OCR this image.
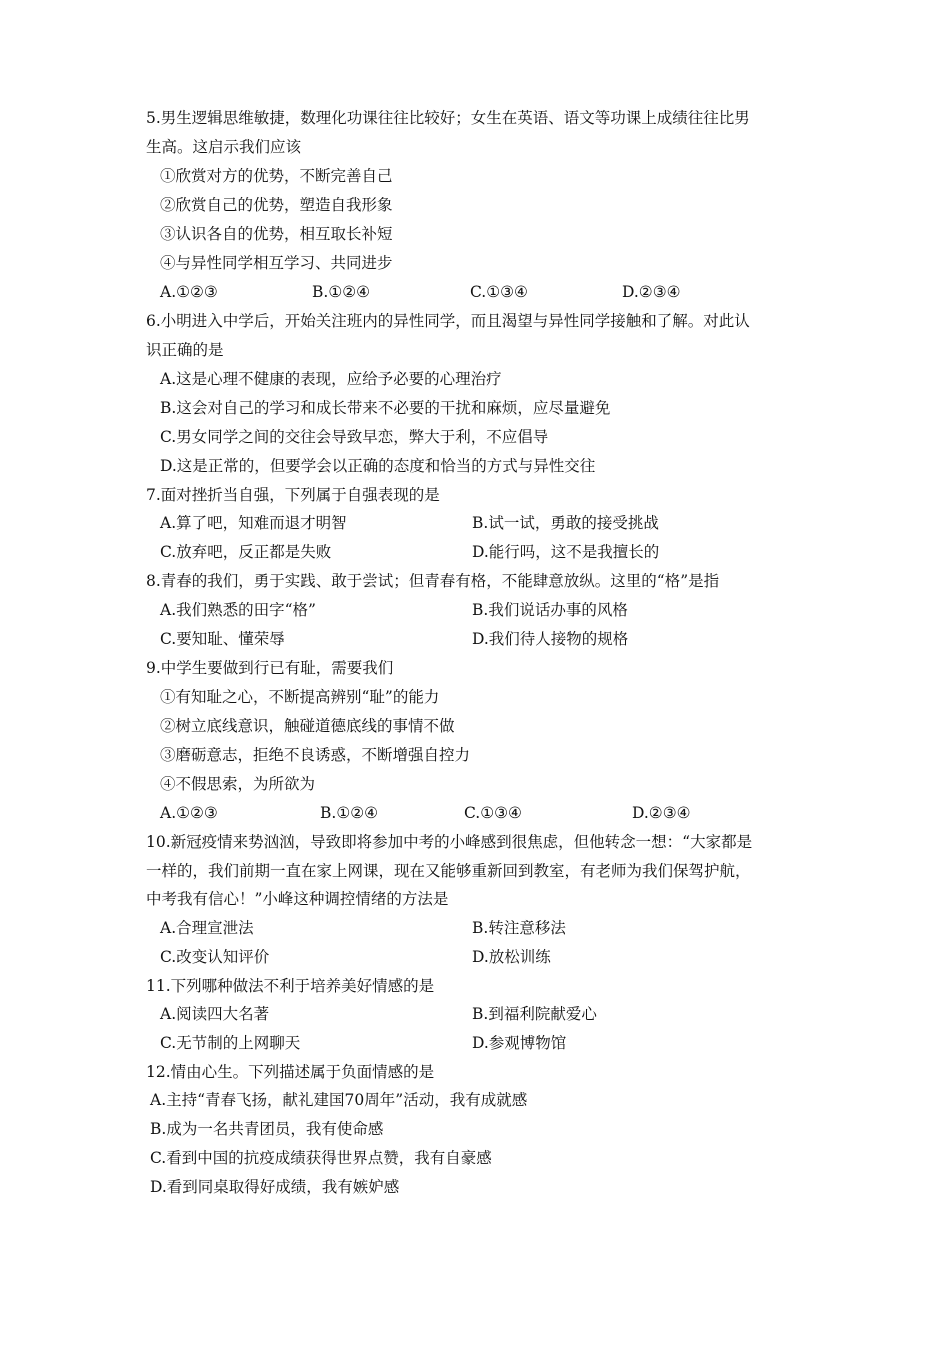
5.男生逻辑思维敏捷，数理化功课往往比较好；女生在英语、语文等功课上成绩往往比男
生高。这启示我们应该
①欣赏对方的优势，不断完善自己
②欣赏自己的优势，塑造自我形象
③认识各自的优势，相互取长补短
④与异性同学相互学习、共同进步
A.①②③	B.①②④	C.①③④	D.②③④
6.小明进入中学后，开始关注班内的异性同学，而且渴望与异性同学接触和了解。对此认
识正确的是
A.这是心理不健康的表现，应给予必要的心理治疗
B.这会对自己的学习和成长带来不必要的干扰和麻烦，应尽量避免
C.男女同学之间的交往会导致早恋，弊大于利，不应倡导
D.这是正常的，但要学会以正确的态度和恰当的方式与异性交往
7.面对挫折当自强，下列属于自强表现的是
A.算了吧，知难而退才明智	B.试一试，勇敢的接受挑战
C.放弃吧，反正都是失败	D.能行吗，这不是我擅长的
8.青春的我们，勇于实践、敢于尝试；但青春有格，不能肆意放纵。这里的“格”是指
A.我们熟悉的田字“格”	B.我们说话办事的风格
C.要知耻、懂荣辱	D.我们待人接物的规格
9.中学生要做到行已有耻，需要我们
①有知耻之心，不断提高辨别“耻”的能力
②树立底线意识，触碰道德底线的事情不做
③磨砺意志，拒绝不良诱惑，不断增强自控力
④不假思索，为所欲为
A.①②③	B.①②④	C.①③④	D.②③④
10.新冠疫情来势汹汹，导致即将参加中考的小峰感到很焦虑，但他转念一想：“大家都是
一样的，我们前期一直在家上网课，现在又能够重新回到教室，有老师为我们保驾护航，
中考我有信心！”小峰这种调控情绪的方法是
A.合理宣泄法	B.转注意移法
C.改变认知评价	D.放松训练
11.下列哪种做法不利于培养美好情感的是
A.阅读四大名著	B.到福利院献爱心
C.无节制的上网聊天	D.参观博物馆
12.情由心生。下列描述属于负面情感的是
A.主持“青春飞扬，献礼建国70周年”活动，我有成就感
B.成为一名共青团员，我有使命感
C.看到中国的抗疫成绩获得世界点赞，我有自豪感
D.看到同桌取得好成绩，我有嫉妒感
